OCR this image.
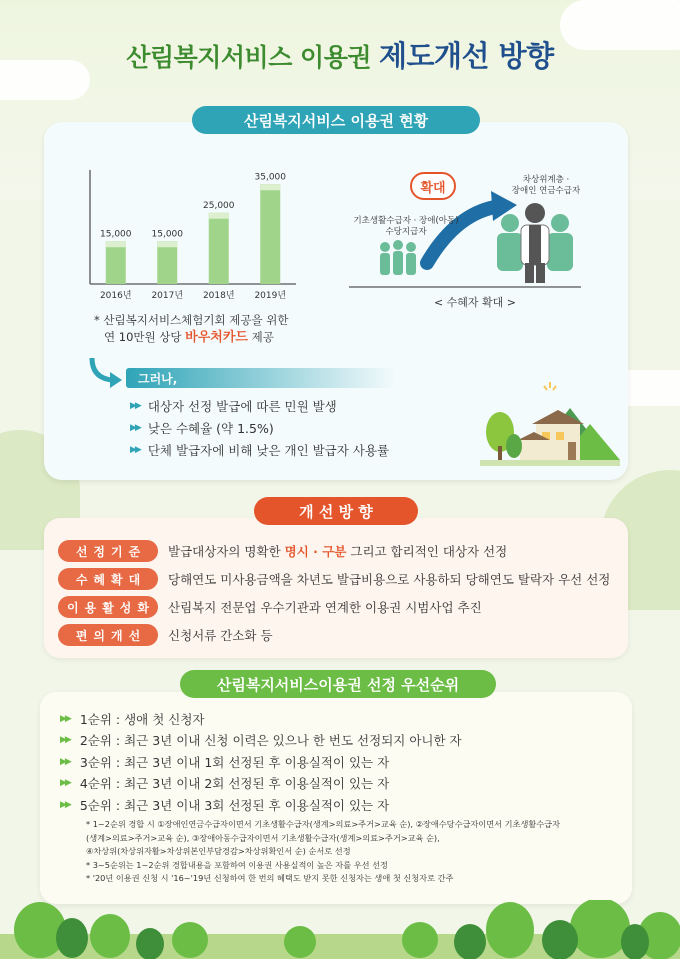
산림복지서비스 이용권 제도개선 방향
산림복지서비스 이용권 현황
15,000
2016년
15,000
2017년
25,000
2018년
35,000
2019년
* 산림복지서비스체험기회 제공을 위한
연 10만원 상당 바우처카드 제공
확대
기초생활수급자 · 장애(아동)
수당지급자
차상위계층 ·
장애인 연금수급자
< 수혜자 확대 >
그러나,
▶▶ 대상자 선정 발급에 따른 민원 발생
▶▶ 낮은 수혜율 (약 1.5%)
▶▶ 단체 발급자에 비해 낮은 개인 발급자 사용률
개 선 방 향
선정기준	발급대상자의 명확한 명시 · 구분 그리고 합리적인 대상자 선정
수혜확대	당해연도 미사용금액을 차년도 발급비용으로 사용하되 당해연도 탈락자 우선 선정
이용활성화 산림복지 전문업 우수기관과 연계한 이용권 시범사업 추진
편의개선	신청서류 간소화 등
산림복지서비스이용권 선정 우선순위
▶▶ 1순위 : 생애 첫 신청자
▶▶ 2순위 : 최근 3년 이내 신청 이력은 있으나 한 번도 선정되지 아니한 자
▶▶ 3순위 : 최근 3년 이내 1회 선정된 후 이용실적이 있는 자
▶▶ 4순위 : 최근 3년 이내 2회 선정된 후 이용실적이 있는 자
▶▶ 5순위 : 최근 3년 이내 3회 선정된 후 이용실적이 있는 자
* 1~2순위 경합 시 ①장애인연금수급자이면서 기초생활수급자(생계>의료>주거>교육 순), ②장애수당수급자이면서 기초생활수급자
(생계>의료>주거>교육 순), ③장애아동수급자이면서 기초생활수급자(생계>의료>주거>교육 순),
④차상위(차상위자활>차상위본인부담경감>차상위확인서 순) 순서로 선정
* 3~5순위는 1~2순위 경합내용을 포함하여 이용권 사용실적이 높은 자를 우선 선정
* '20년 이용권 신청 시 '16~'19년 신청하여 한 번의 혜택도 받지 못한 신청자는 생애 첫 신청자로 간주
